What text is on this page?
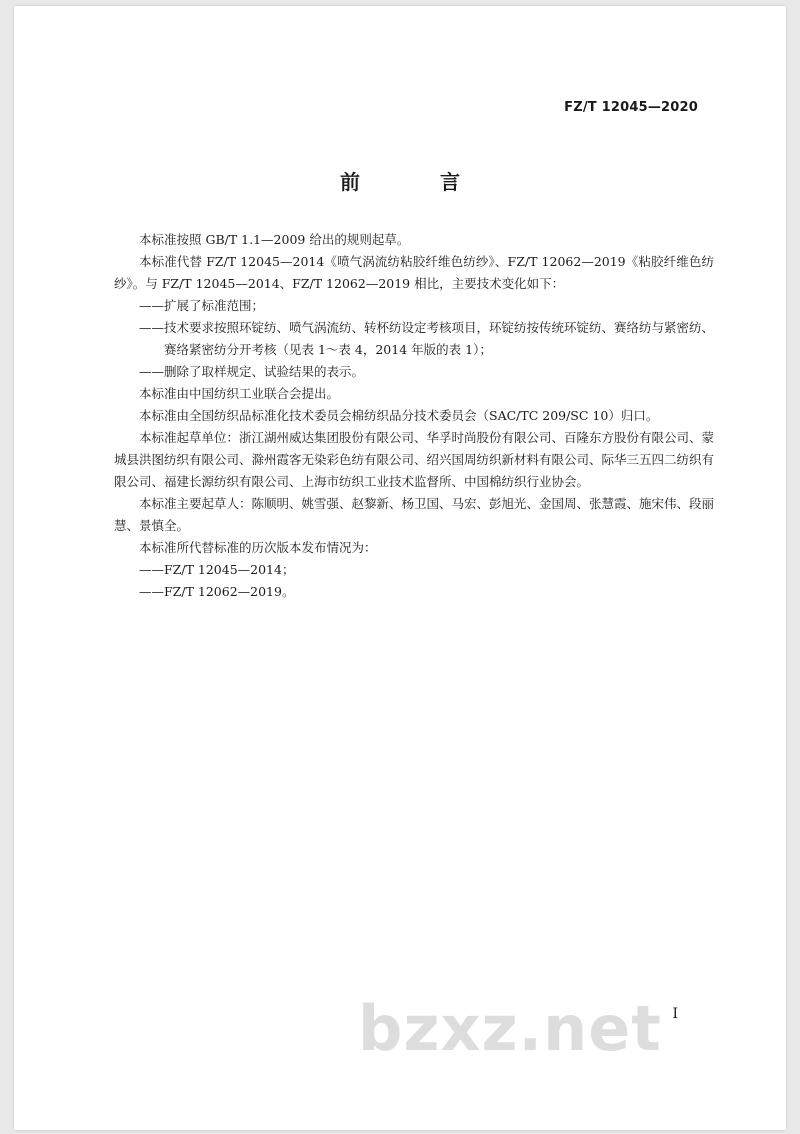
FZ/T 12045—2020
前　言

本标准按照 GB/T 1.1—2009 给出的规则起草。

本标准代替 FZ/T 12045—2014《喷气涡流纺粘胶纤维色纺纱》、FZ/T 12062—2019《粘胶纤维色纺纱》。与 FZ/T 12045—2014、FZ/T 12062—2019 相比，主要技术变化如下：

——扩展了标准范围；

——技术要求按照环锭纺、喷气涡流纺、转杯纺设定考核项目，环锭纺按传统环锭纺、赛络纺与紧密纺、赛络紧密纺分开考核（见表 1～表 4，2014 年版的表 1）；

——删除了取样规定、试验结果的表示。

本标准由中国纺织工业联合会提出。

本标准由全国纺织品标准化技术委员会棉纺织品分技术委员会（SAC/TC 209/SC 10）归口。

本标准起草单位：浙江湖州威达集团股份有限公司、华孚时尚股份有限公司、百隆东方股份有限公司、蒙城县洪图纺织有限公司、滁州霞客无染彩色纺有限公司、绍兴国周纺织新材料有限公司、际华三五四二纺织有限公司、福建长源纺织有限公司、上海市纺织工业技术监督所、中国棉纺织行业协会。

本标准主要起草人：陈顺明、姚雪强、赵黎新、杨卫国、马宏、彭旭光、金国周、张慧霞、施宋伟、段丽慧、景慎全。

本标准所代替标准的历次版本发布情况为：

——FZ/T 12045—2014；

——FZ/T 12062—2019。

I
bzxz.net
